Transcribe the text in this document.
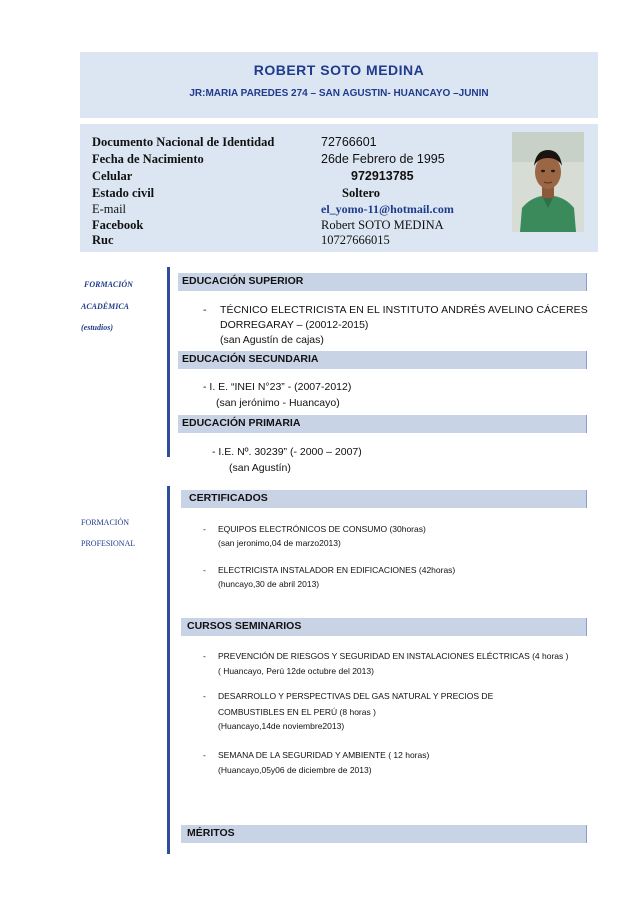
ROBERT SOTO MEDINA
JR:MARIA PAREDES 274 – SAN AGUSTIN- HUANCAYO –JUNIN
Documento Nacional de Identidad	72766601
Fecha de Nacimiento	26de Febrero de 1995
Celular	972913785
Estado civil	Soltero
E-mail	el_yomo-11@hotmail.com
Facebook	Robert SOTO MEDINA
Ruc	10727666015
FORMACIÓN
ACADÉMICA
(estudios)
FORMACIÓN
PROFESIONAL
EDUCACIÓN SUPERIOR
- TÉCNICO ELECTRICISTA EN EL INSTITUTO ANDRÉS AVELINO CÁCERES
DORREGARAY – (20012-2015)
(san Agustín de cajas)
EDUCACIÓN SECUNDARIA
- I. E. “INEI N°23” - (2007-2012)
(san jerónimo - Huancayo)
EDUCACIÓN PRIMARIA
- I.E. Nº. 30239” (- 2000 – 2007)
(san Agustín)
CERTIFICADOS
- EQUIPOS ELECTRÓNICOS DE CONSUMO (30horas)
(san jeronimo,04 de marzo2013)
- ELECTRICISTA INSTALADOR EN EDIFICACIONES (42horas)
(huncayo,30 de abril 2013)
CURSOS SEMINARIOS
- PREVENCIÓN DE RIESGOS Y SEGURIDAD EN INSTALACIONES ELÉCTRICAS (4 horas )
( Huancayo, Perú 12de octubre del 2013)
- DESARROLLO Y PERSPECTIVAS DEL GAS NATURAL Y PRECIOS DE
COMBUSTIBLES EN EL PERÚ (8 horas )
(Huancayo,14de noviembre2013)
- SEMANA DE LA SEGURIDAD Y AMBIENTE ( 12 horas)
(Huancayo,05y06 de diciembre de 2013)
MÉRITOS
